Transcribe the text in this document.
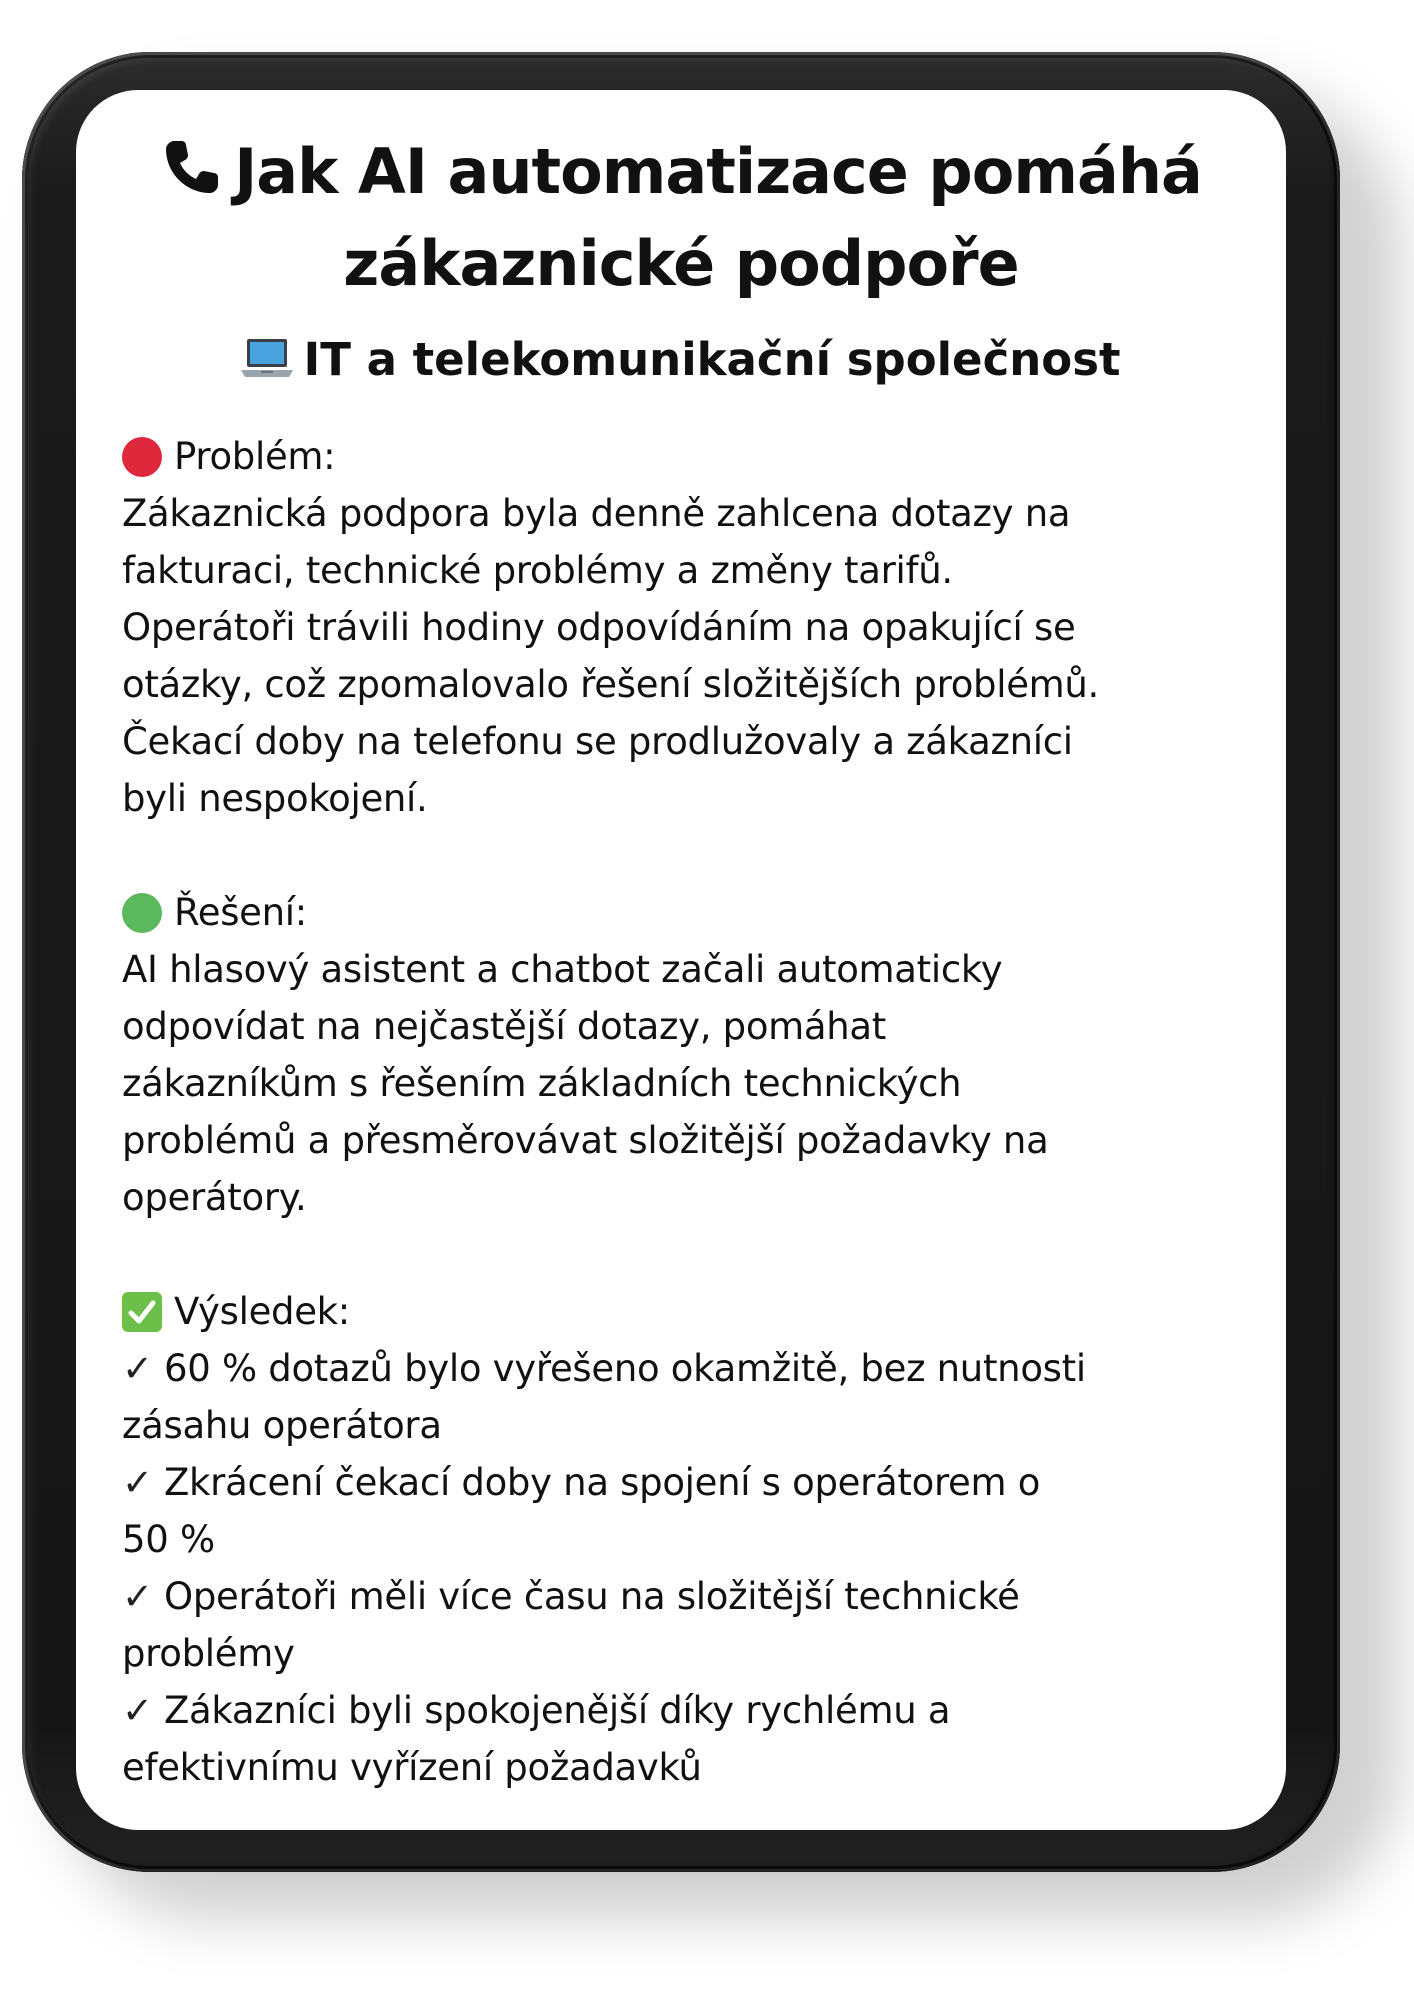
Jak AI automatizace pomáhá zákaznické podpoře
IT a telekomunikační společnost
Problém:

Zákaznická podpora byla denně zahlcena dotazy na

fakturaci, technické problémy a změny tarifů.

Operátoři trávili hodiny odpovídáním na opakující se

otázky, což zpomalovalo řešení složitějších problémů.

Čekací doby na telefonu se prodlužovaly a zákazníci

byli nespokojení.

Řešení:

AI hlasový asistent a chatbot začali automaticky

odpovídat na nejčastější dotazy, pomáhat

zákazníkům s řešením základních technických

problémů a přesměrovávat složitější požadavky na

operátory.

Výsledek:

✓ 60 % dotazů bylo vyřešeno okamžitě, bez nutnosti

zásahu operátora

✓ Zkrácení čekací doby na spojení s operátorem o

50 %

✓ Operátoři měli více času na složitější technické

problémy

✓ Zákazníci byli spokojenější díky rychlému a

efektivnímu vyřízení požadavků
